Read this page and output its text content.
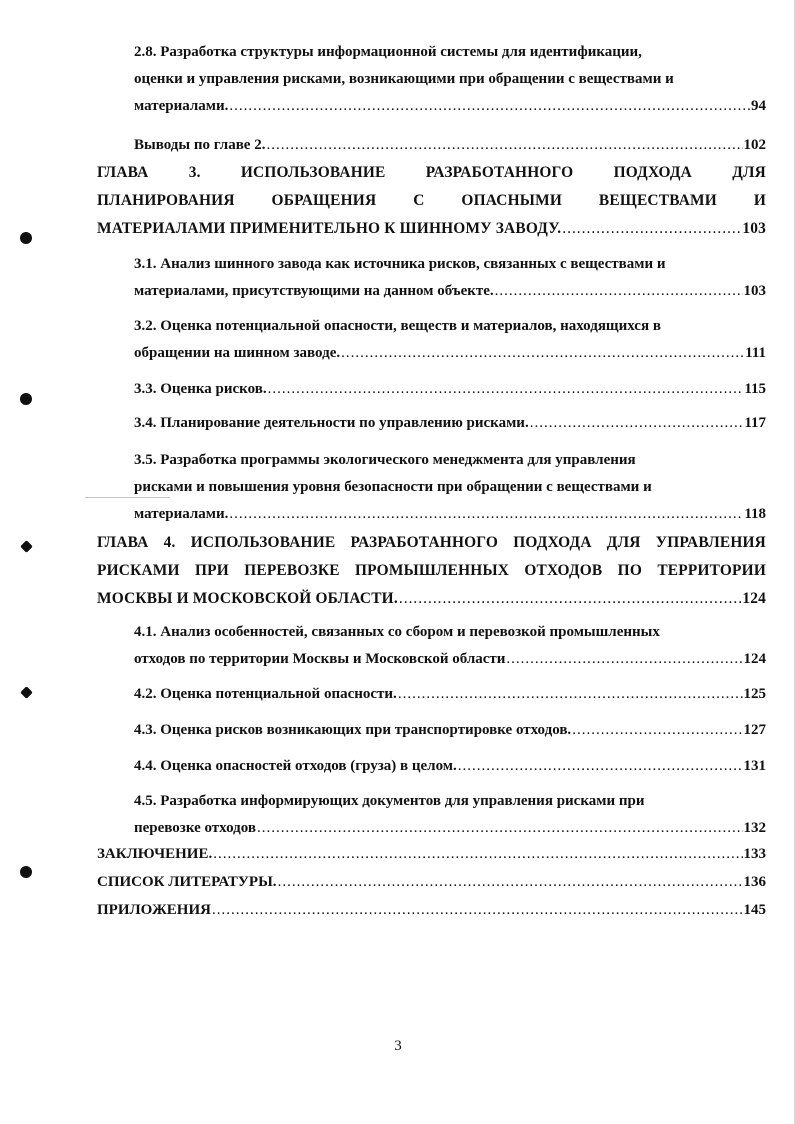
2.8. Разработка структуры информационной системы для идентификации,
оценки и управления рисками, возникающими при обращении с веществами и
материалами. .....	94
Выводы по главе 2. .....	102
ГЛАВА 3. ИСПОЛЬЗОВАНИЕ РАЗРАБОТАННОГО ПОДХОДА ДЛЯ
ПЛАНИРОВАНИЯ ОБРАЩЕНИЯ С ОПАСНЫМИ ВЕЩЕСТВАМИ И
МАТЕРИАЛАМИ ПРИМЕНИТЕЛЬНО К ШИННОМУ ЗАВОДУ. .....	103
3.1. Анализ шинного завода как источника рисков, связанных с веществами и
материалами, присутствующими на данном объекте. .....	103
3.2. Оценка потенциальной опасности, веществ и материалов, находящихся в
обращении на шинном заводе. .....	111
3.3. Оценка рисков. .....	115
3.4. Планирование деятельности по управлению рисками. .....	117
3.5. Разработка программы экологического менеджмента для управления
рисками и повышения уровня безопасности при обращении с веществами и
материалами. .....	118
ГЛАВА 4. ИСПОЛЬЗОВАНИЕ РАЗРАБОТАННОГО ПОДХОДА ДЛЯ УПРАВЛЕНИЯ
РИСКАМИ ПРИ ПЕРЕВОЗКЕ ПРОМЫШЛЕННЫХ ОТХОДОВ ПО ТЕРРИТОРИИ
МОСКВЫ И МОСКОВСКОЙ ОБЛАСТИ. .....	124
4.1. Анализ особенностей, связанных со сбором и перевозкой промышленных
отходов по территории Москвы и Московской области .....	124
4.2. Оценка потенциальной опасности. .....	125
4.3. Оценка рисков возникающих при транспортировке отходов. .....	127
4.4. Оценка опасностей отходов (груза) в целом. .....	131
4.5. Разработка информирующих документов для управления рисками при
перевозке отходов .....	132
ЗАКЛЮЧЕНИЕ. .....	133
СПИСОК ЛИТЕРАТУРЫ. .....	136
ПРИЛОЖЕНИЯ .....	145
3
